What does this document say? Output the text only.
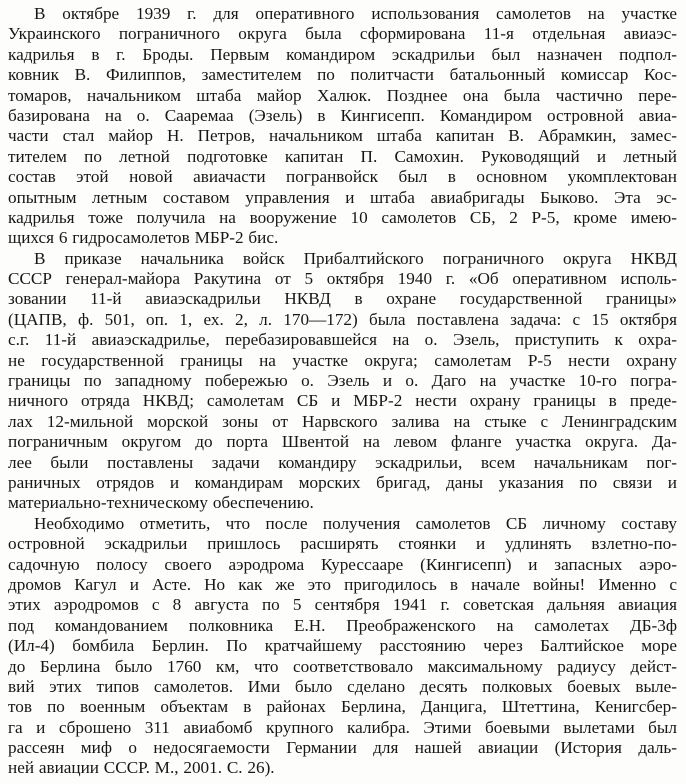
В октябре 1939 г. для оперативного использования самолетов на участке
Украинского пограничного округа была сформирована 11-я отдельная авиаэс-
кадрилья в г. Броды. Первым командиром эскадрильи был назначен подпол-
ковник В. Филиппов, заместителем по политчасти батальонный комиссар Кос-
томаров, начальником штаба майор Халюк. Позднее она была частично пере-
базирована на о. Сааремаа (Эзель) в Кингисепп. Командиром островной авиа-
части стал майор Н. Петров, начальником штаба капитан В. Абрамкин, замес-
тителем по летной подготовке капитан П. Самохин. Руководящий и летный
состав этой новой авиачасти погранвойск был в основном укомплектован
опытным летным составом управления и штаба авиабригады Быково. Эта эс-
кадрилья тоже получила на вооружение 10 самолетов СБ, 2 Р-5, кроме имею-
щихся 6 гидросамолетов МБР-2 бис.
В приказе начальника войск Прибалтийского пограничного округа НКВД
СССР генерал-майора Ракутина от 5 октября 1940 г. «Об оперативном исполь-
зовании 11-й авиаэскадрильи НКВД в охране государственной границы»
(ЦАПВ, ф. 501, оп. 1, ех. 2, л. 170—172) была поставлена задача: с 15 октября
с.г. 11-й авиаэскадрилье, перебазировавшейся на о. Эзель, приступить к охра-
не государственной границы на участке округа; самолетам Р-5 нести охрану
границы по западному побережью о. Эзель и о. Даго на участке 10-го погра-
ничного отряда НКВД; самолетам СБ и МБР-2 нести охрану границы в преде-
лах 12-мильной морской зоны от Нарвского залива на стыке с Ленинградским
пограничным округом до порта Швентой на левом фланге участка округа. Да-
лее были поставлены задачи командиру эскадрильи, всем начальникам пог-
раничных отрядов и командирам морских бригад, даны указания по связи и
материально-техническому обеспечению.
Необходимо отметить, что после получения самолетов СБ личному составу
островной эскадрильи пришлось расширять стоянки и удлинять взлетно-по-
садочную полосу своего аэродрома Курессааре (Кингисепп) и запасных аэро-
дромов Кагул и Асте. Но как же это пригодилось в начале войны! Именно с
этих аэродромов с 8 августа по 5 сентября 1941 г. советская дальняя авиация
под командованием полковника Е.Н. Преображенского на самолетах ДБ-3ф
(Ил-4) бомбила Берлин. По кратчайшему расстоянию через Балтийское море
до Берлина было 1760 км, что соответствовало максимальному радиусу дейст-
вий этих типов самолетов. Ими было сделано десять полковых боевых выле-
тов по военным объектам в районах Берлина, Данцига, Штеттина, Кенигсбер-
га и сброшено 311 авиабомб крупного калибра. Этими боевыми вылетами был
рассеян миф о недосягаемости Германии для нашей авиации (История даль-
ней авиации СССР. М., 2001. С. 26).
